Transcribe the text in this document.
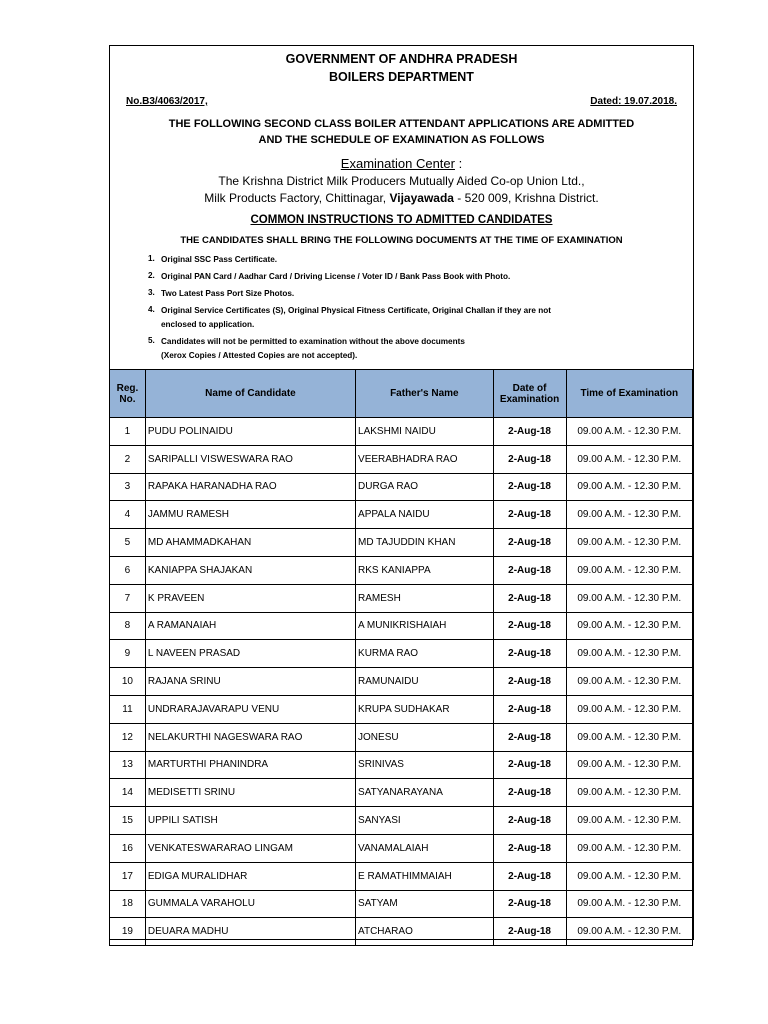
GOVERNMENT OF ANDHRA PRADESH
BOILERS DEPARTMENT
No.B3/4063/2017,	Dated: 19.07.2018.
THE FOLLOWING SECOND CLASS BOILER ATTENDANT APPLICATIONS ARE ADMITTED
AND THE SCHEDULE OF EXAMINATION AS FOLLOWS
Examination Center :
The Krishna District Milk Producers Mutually Aided Co-op Union Ltd.,
Milk Products Factory, Chittinagar, Vijayawada - 520 009, Krishna District.
COMMON INSTRUCTIONS TO ADMITTED CANDIDATES
THE CANDIDATES SHALL BRING THE FOLLOWING DOCUMENTS AT THE TIME OF EXAMINATION
1. Original SSC Pass Certificate.
2. Original PAN Card / Aadhar Card / Driving License / Voter ID / Bank Pass Book with Photo.
3. Two Latest Pass Port Size Photos.
4. Original Service Certificates (S), Original Physical Fitness Certificate, Original Challan if they are not
enclosed to application.
5. Candidates will not be permitted to examination without the above documents
(Xerox Copies / Attested Copies are not accepted).
Reg.
No.	Name of Candidate	Father's Name	Date of
Examination	Time of Examination
1	PUDU POLINAIDU	LAKSHMI NAIDU	2-Aug-18	09.00 A.M. - 12.30 P.M.
2	SARIPALLI VISWESWARA RAO	VEERABHADRA RAO	2-Aug-18	09.00 A.M. - 12.30 P.M.
3	RAPAKA HARANADHA RAO	DURGA RAO	2-Aug-18	09.00 A.M. - 12.30 P.M.
4	JAMMU RAMESH	APPALA NAIDU	2-Aug-18	09.00 A.M. - 12.30 P.M.
5	MD AHAMMADKAHAN	MD TAJUDDIN KHAN	2-Aug-18	09.00 A.M. - 12.30 P.M.
6	KANIAPPA SHAJAKAN	RKS KANIAPPA	2-Aug-18	09.00 A.M. - 12.30 P.M.
7	K PRAVEEN	RAMESH	2-Aug-18	09.00 A.M. - 12.30 P.M.
8	A RAMANAIAH	A MUNIKRISHAIAH	2-Aug-18	09.00 A.M. - 12.30 P.M.
9	L NAVEEN PRASAD	KURMA RAO	2-Aug-18	09.00 A.M. - 12.30 P.M.
10	RAJANA SRINU	RAMUNAIDU	2-Aug-18	09.00 A.M. - 12.30 P.M.
11	UNDRARAJAVARAPU VENU	KRUPA SUDHAKAR	2-Aug-18	09.00 A.M. - 12.30 P.M.
12	NELAKURTHI NAGESWARA RAO	JONESU	2-Aug-18	09.00 A.M. - 12.30 P.M.
13	MARTURTHI PHANINDRA	SRINIVAS	2-Aug-18	09.00 A.M. - 12.30 P.M.
14	MEDISETTI SRINU	SATYANARAYANA	2-Aug-18	09.00 A.M. - 12.30 P.M.
15	UPPILI SATISH	SANYASI	2-Aug-18	09.00 A.M. - 12.30 P.M.
16	VENKATESWARARAO LINGAM	VANAMALAIAH	2-Aug-18	09.00 A.M. - 12.30 P.M.
17	EDIGA MURALIDHAR	E RAMATHIMMAIAH	2-Aug-18	09.00 A.M. - 12.30 P.M.
18	GUMMALA VARAHOLU	SATYAM	2-Aug-18	09.00 A.M. - 12.30 P.M.
19	DEUARA MADHU	ATCHARAO	2-Aug-18	09.00 A.M. - 12.30 P.M.
